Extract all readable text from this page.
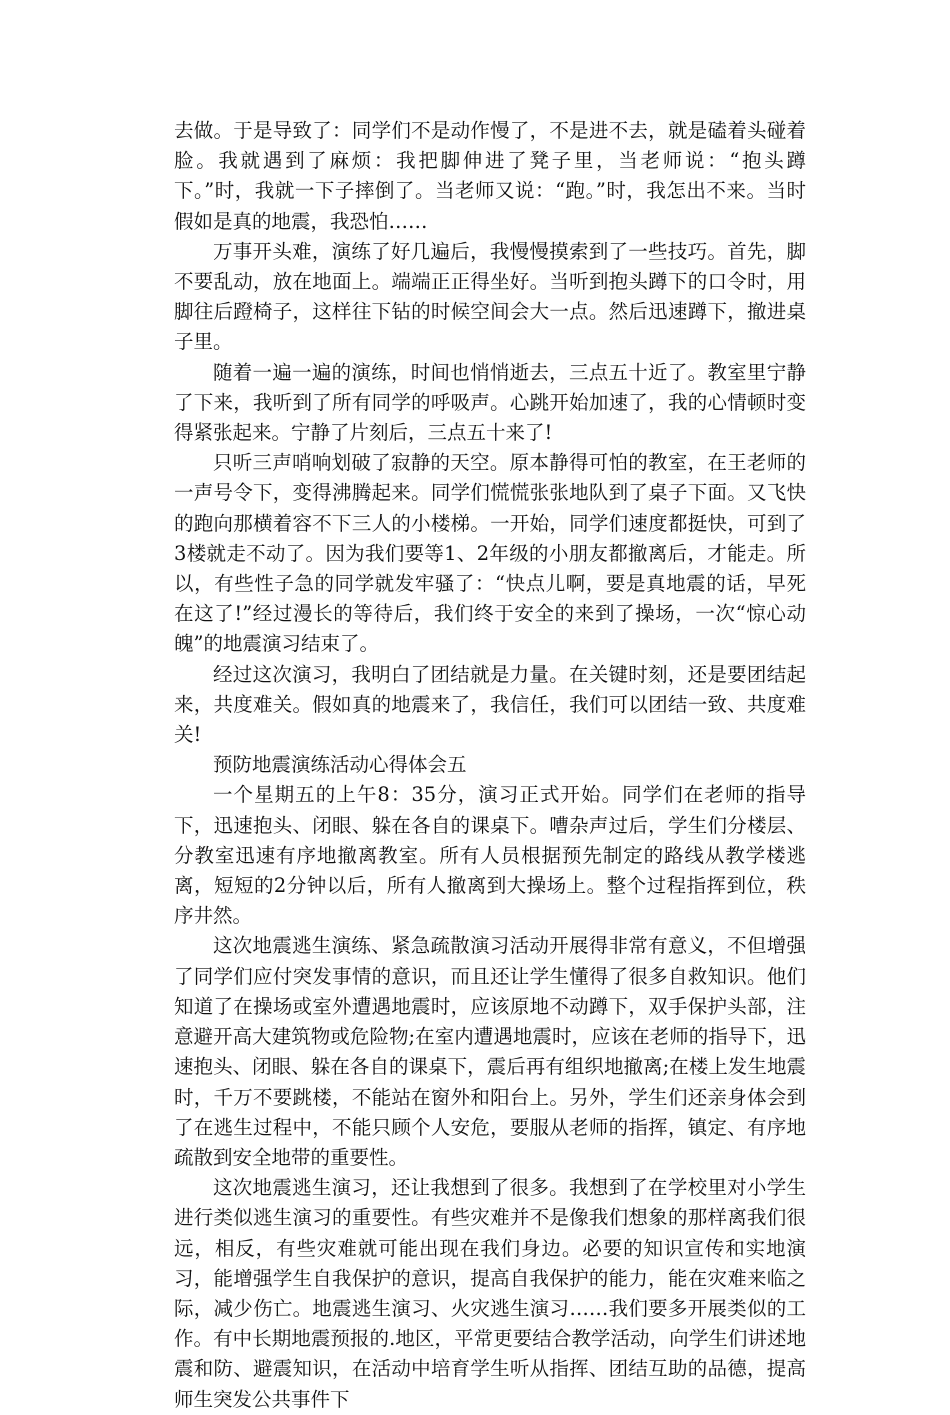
去做。于是导致了：同学们不是动作慢了，不是进不去，就是磕着头碰着脸。我就遇到了麻烦：我把脚伸进了凳子里，当老师说：“抱头蹲下。”时，我就一下子摔倒了。当老师又说：“跑。”时，我怎出不来。当时假如是真的地震，我恐怕……

万事开头难，演练了好几遍后，我慢慢摸索到了一些技巧。首先，脚不要乱动，放在地面上。端端正正得坐好。当听到抱头蹲下的口令时，用脚往后蹬椅子，这样往下钻的时候空间会大一点。然后迅速蹲下，撤进桌子里。

随着一遍一遍的演练，时间也悄悄逝去，三点五十近了。教室里宁静了下来，我听到了所有同学的呼吸声。心跳开始加速了，我的心情顿时变得紧张起来。宁静了片刻后，三点五十来了!

只听三声哨响划破了寂静的天空。原本静得可怕的教室，在王老师的一声号令下，变得沸腾起来。同学们慌慌张张地队到了桌子下面。又飞快的跑向那横着容不下三人的小楼梯。一开始，同学们速度都挺快，可到了3楼就走不动了。因为我们要等1、2年级的小朋友都撤离后，才能走。所以，有些性子急的同学就发牢骚了：“快点儿啊，要是真地震的话，早死在这了!”经过漫长的等待后，我们终于安全的来到了操场，一次“惊心动魄”的地震演习结束了。

经过这次演习，我明白了团结就是力量。在关键时刻，还是要团结起来，共度难关。假如真的地震来了，我信任，我们可以团结一致、共度难关!

预防地震演练活动心得体会五

一个星期五的上午8：35分，演习正式开始。同学们在老师的指导下，迅速抱头、闭眼、躲在各自的课桌下。嘈杂声过后，学生们分楼层、分教室迅速有序地撤离教室。所有人员根据预先制定的路线从教学楼逃离，短短的2分钟以后，所有人撤离到大操场上。整个过程指挥到位，秩序井然。

这次地震逃生演练、紧急疏散演习活动开展得非常有意义，不但增强了同学们应付突发事情的意识，而且还让学生懂得了很多自救知识。他们知道了在操场或室外遭遇地震时，应该原地不动蹲下，双手保护头部，注意避开高大建筑物或危险物;在室内遭遇地震时，应该在老师的指导下，迅速抱头、闭眼、躲在各自的课桌下，震后再有组织地撤离;在楼上发生地震时，千万不要跳楼，不能站在窗外和阳台上。另外，学生们还亲身体会到了在逃生过程中，不能只顾个人安危，要服从老师的指挥，镇定、有序地疏散到安全地带的重要性。

这次地震逃生演习，还让我想到了很多。我想到了在学校里对小学生进行类似逃生演习的重要性。有些灾难并不是像我们想象的那样离我们很远，相反，有些灾难就可能出现在我们身边。必要的知识宣传和实地演习，能增强学生自我保护的意识，提高自我保护的能力，能在灾难来临之际，减少伤亡。地震逃生演习、火灾逃生演习……我们要多开展类似的工作。有中长期地震预报的.地区，平常更要结合教学活动，向学生们讲述地震和防、避震知识，在活动中培育学生听从指挥、团结互助的品德，提高师生突发公共事件下
